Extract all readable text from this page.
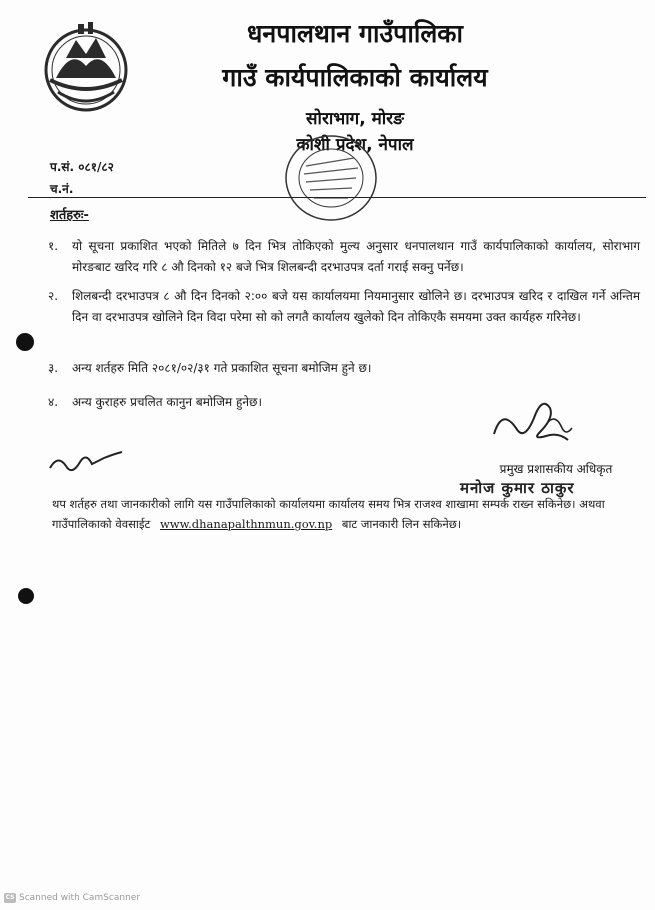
धनपालथान गाउँपालिका
गाउँ कार्यपालिकाको कार्यालय
सोराभाग, मोरङ
कोशी प्रदेश, नेपाल
प.सं. ०८१/८२
च.नं.
शर्तहरुः-
१.	यो सूचना प्रकाशित भएको मितिले ७ दिन भित्र तोकिएको मुल्य अनुसार धनपालथान गाउँ कार्यपालिकाको कार्यालय, सोराभाग मोरङबाट खरिद गरि ८ औ दिनको १२ बजे भित्र शिलबन्दी दरभाउपत्र दर्ता गराई सक्नु पर्नेछ।
२.	शिलबन्दी दरभाउपत्र ८ औ दिन दिनको २:०० बजे यस कार्यालयमा नियमानुसार खोलिने छ। दरभाउपत्र खरिद र दाखिल गर्ने अन्तिम दिन वा दरभाउपत्र खोलिने दिन विदा परेमा सो को लगतै कार्यालय खुलेको दिन तोकिएकै समयमा उक्त कार्यहरु गरिनेछ।
३.	अन्य शर्तहरु मिति २०८१/०२/३१ गते प्रकाशित सूचना बमोजिम हुने छ।
४.	अन्य कुराहरु प्रचलित कानुन बमोजिम हुनेछ।
प्रमुख प्रशासकीय अधिकृत
मनोज कुमार ठाकुर
थप शर्तहरु तथा जानकारीको लागि यस गाउँपालिकाको कार्यालयमा कार्यालय समय भित्र राजश्व शाखामा सम्पर्क राख्न सकिनेछ। अथवा गाउँपालिकाको वेवसाईट www.dhanapalthnmun.gov.np बाट जानकारी लिन सकिनेछ।
CS Scanned with CamScanner
